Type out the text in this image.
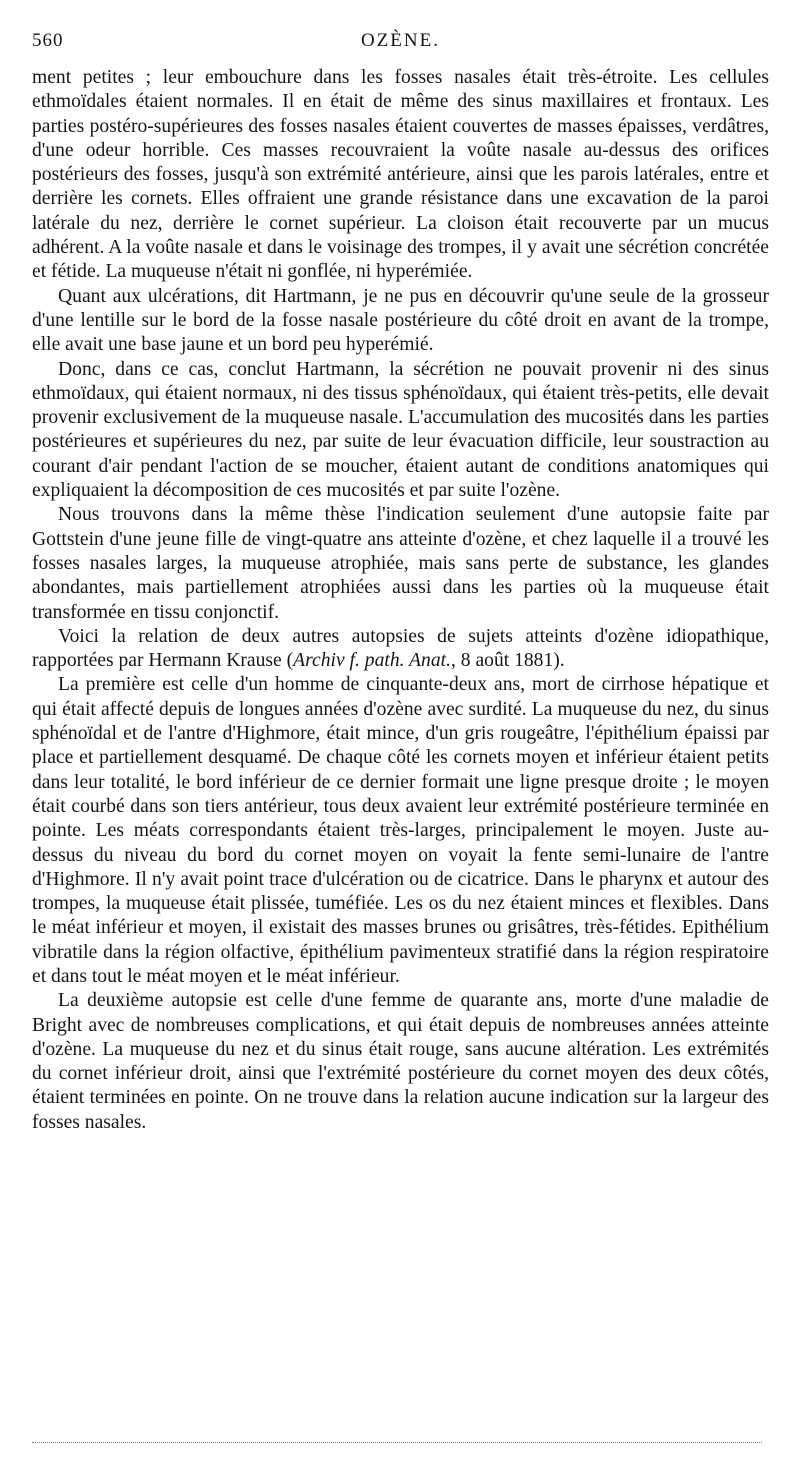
560	OZÈNE.

ment petites ; leur embouchure dans les fosses nasales était très-étroite. Les cellules ethmoïdales étaient normales. Il en était de même des sinus maxillaires et frontaux. Les parties postéro-supérieures des fosses nasales étaient couvertes de masses épaisses, verdâtres, d'une odeur horrible. Ces masses recouvraient la voûte nasale au-dessus des orifices postérieurs des fosses, jusqu'à son extrémité antérieure, ainsi que les parois latérales, entre et derrière les cornets. Elles offraient une grande résistance dans une excavation de la paroi latérale du nez, derrière le cornet supérieur. La cloison était recouverte par un mucus adhérent. A la voûte nasale et dans le voisinage des trompes, il y avait une sécrétion concrétée et fétide. La muqueuse n'était ni gonflée, ni hyperémiée.

Quant aux ulcérations, dit Hartmann, je ne pus en découvrir qu'une seule de la grosseur d'une lentille sur le bord de la fosse nasale postérieure du côté droit en avant de la trompe, elle avait une base jaune et un bord peu hyperémié.

Donc, dans ce cas, conclut Hartmann, la sécrétion ne pouvait provenir ni des sinus ethmoïdaux, qui étaient normaux, ni des tissus sphénoïdaux, qui étaient très-petits, elle devait provenir exclusivement de la muqueuse nasale. L'accumulation des mucosités dans les parties postérieures et supérieures du nez, par suite de leur évacuation difficile, leur soustraction au courant d'air pendant l'action de se moucher, étaient autant de conditions anatomiques qui expliquaient la décomposition de ces mucosités et par suite l'ozène.

Nous trouvons dans la même thèse l'indication seulement d'une autopsie faite par Gottstein d'une jeune fille de vingt-quatre ans atteinte d'ozène, et chez laquelle il a trouvé les fosses nasales larges, la muqueuse atrophiée, mais sans perte de substance, les glandes abondantes, mais partiellement atrophiées aussi dans les parties où la muqueuse était transformée en tissu conjonctif.

Voici la relation de deux autres autopsies de sujets atteints d'ozène idiopathique, rapportées par Hermann Krause (Archiv f. path. Anat., 8 août 1881).

La première est celle d'un homme de cinquante-deux ans, mort de cirrhose hépatique et qui était affecté depuis de longues années d'ozène avec surdité. La muqueuse du nez, du sinus sphénoïdal et de l'antre d'Highmore, était mince, d'un gris rougeâtre, l'épithélium épaissi par place et partiellement desquamé. De chaque côté les cornets moyen et inférieur étaient petits dans leur totalité, le bord inférieur de ce dernier formait une ligne presque droite ; le moyen était courbé dans son tiers antérieur, tous deux avaient leur extrémité postérieure terminée en pointe. Les méats correspondants étaient très-larges, principalement le moyen. Juste au-dessus du niveau du bord du cornet moyen on voyait la fente semi-lunaire de l'antre d'Highmore. Il n'y avait point trace d'ulcération ou de cicatrice. Dans le pharynx et autour des trompes, la muqueuse était plissée, tuméfiée. Les os du nez étaient minces et flexibles. Dans le méat inférieur et moyen, il existait des masses brunes ou grisâtres, très-fétides. Epithélium vibratile dans la région olfactive, épithélium pavimenteux stratifié dans la région respiratoire et dans tout le méat moyen et le méat inférieur.

La deuxième autopsie est celle d'une femme de quarante ans, morte d'une maladie de Bright avec de nombreuses complications, et qui était depuis de nombreuses années atteinte d'ozène. La muqueuse du nez et du sinus était rouge, sans aucune altération. Les extrémités du cornet inférieur droit, ainsi que l'extrémité postérieure du cornet moyen des deux côtés, étaient terminées en pointe. On ne trouve dans la relation aucune indication sur la largeur des fosses nasales.
